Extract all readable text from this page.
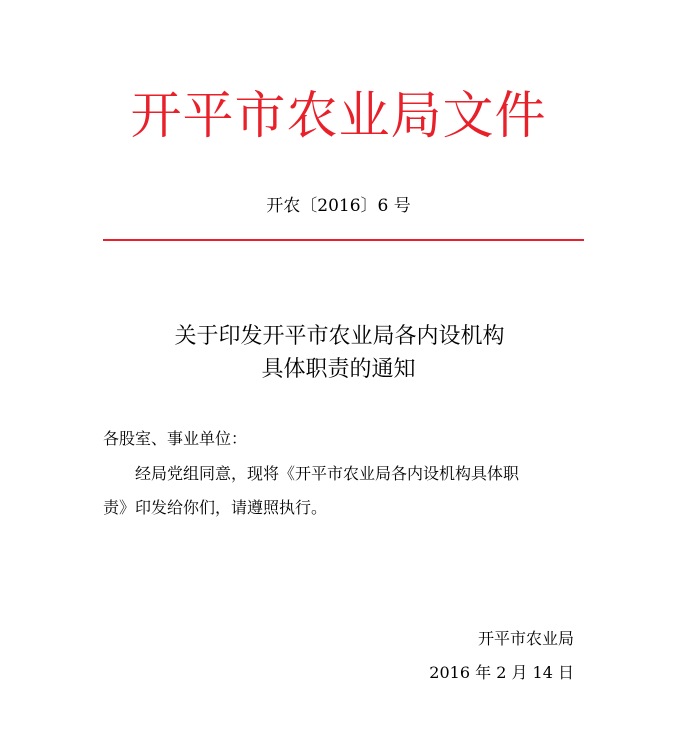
开平市农业局文件
开农〔2016〕6 号
关于印发开平市农业局各内设机构
具体职责的通知
各股室、事业单位：
经局党组同意，现将《开平市农业局各内设机构具体职
责》印发给你们，请遵照执行。
开平市农业局
2016 年 2 月 14 日
